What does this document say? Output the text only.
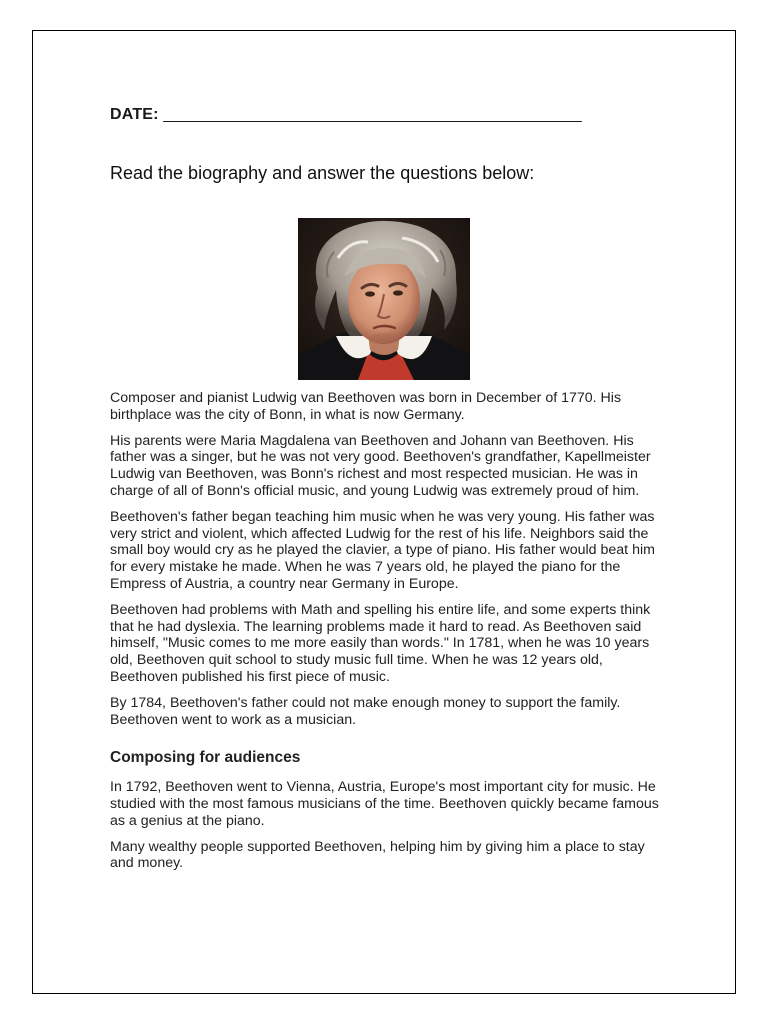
DATE: ______________________________________________
Read the biography and answer the questions below:

Composer and pianist Ludwig van Beethoven was born in December of 1770. His birthplace was the city of Bonn, in what is now Germany.

His parents were Maria Magdalena van Beethoven and Johann van Beethoven. His father was a singer, but he was not very good. Beethoven's grandfather, Kapellmeister Ludwig van Beethoven, was Bonn's richest and most respected musician. He was in charge of all of Bonn's official music, and young Ludwig was extremely proud of him.

Beethoven's father began teaching him music when he was very young. His father was very strict and violent, which affected Ludwig for the rest of his life. Neighbors said the small boy would cry as he played the clavier, a type of piano. His father would beat him for every mistake he made. When he was 7 years old, he played the piano for the Empress of Austria, a country near Germany in Europe.

Beethoven had problems with Math and spelling his entire life, and some experts think that he had dyslexia. The learning problems made it hard to read. As Beethoven said himself, "Music comes to me more easily than words." In 1781, when he was 10 years old, Beethoven quit school to study music full time. When he was 12 years old, Beethoven published his first piece of music.

By 1784, Beethoven's father could not make enough money to support the family. Beethoven went to work as a musician.

Composing for audiences

In 1792, Beethoven went to Vienna, Austria, Europe's most important city for music. He studied with the most famous musicians of the time. Beethoven quickly became famous as a genius at the piano.

Many wealthy people supported Beethoven, helping him by giving him a place to stay and money.
